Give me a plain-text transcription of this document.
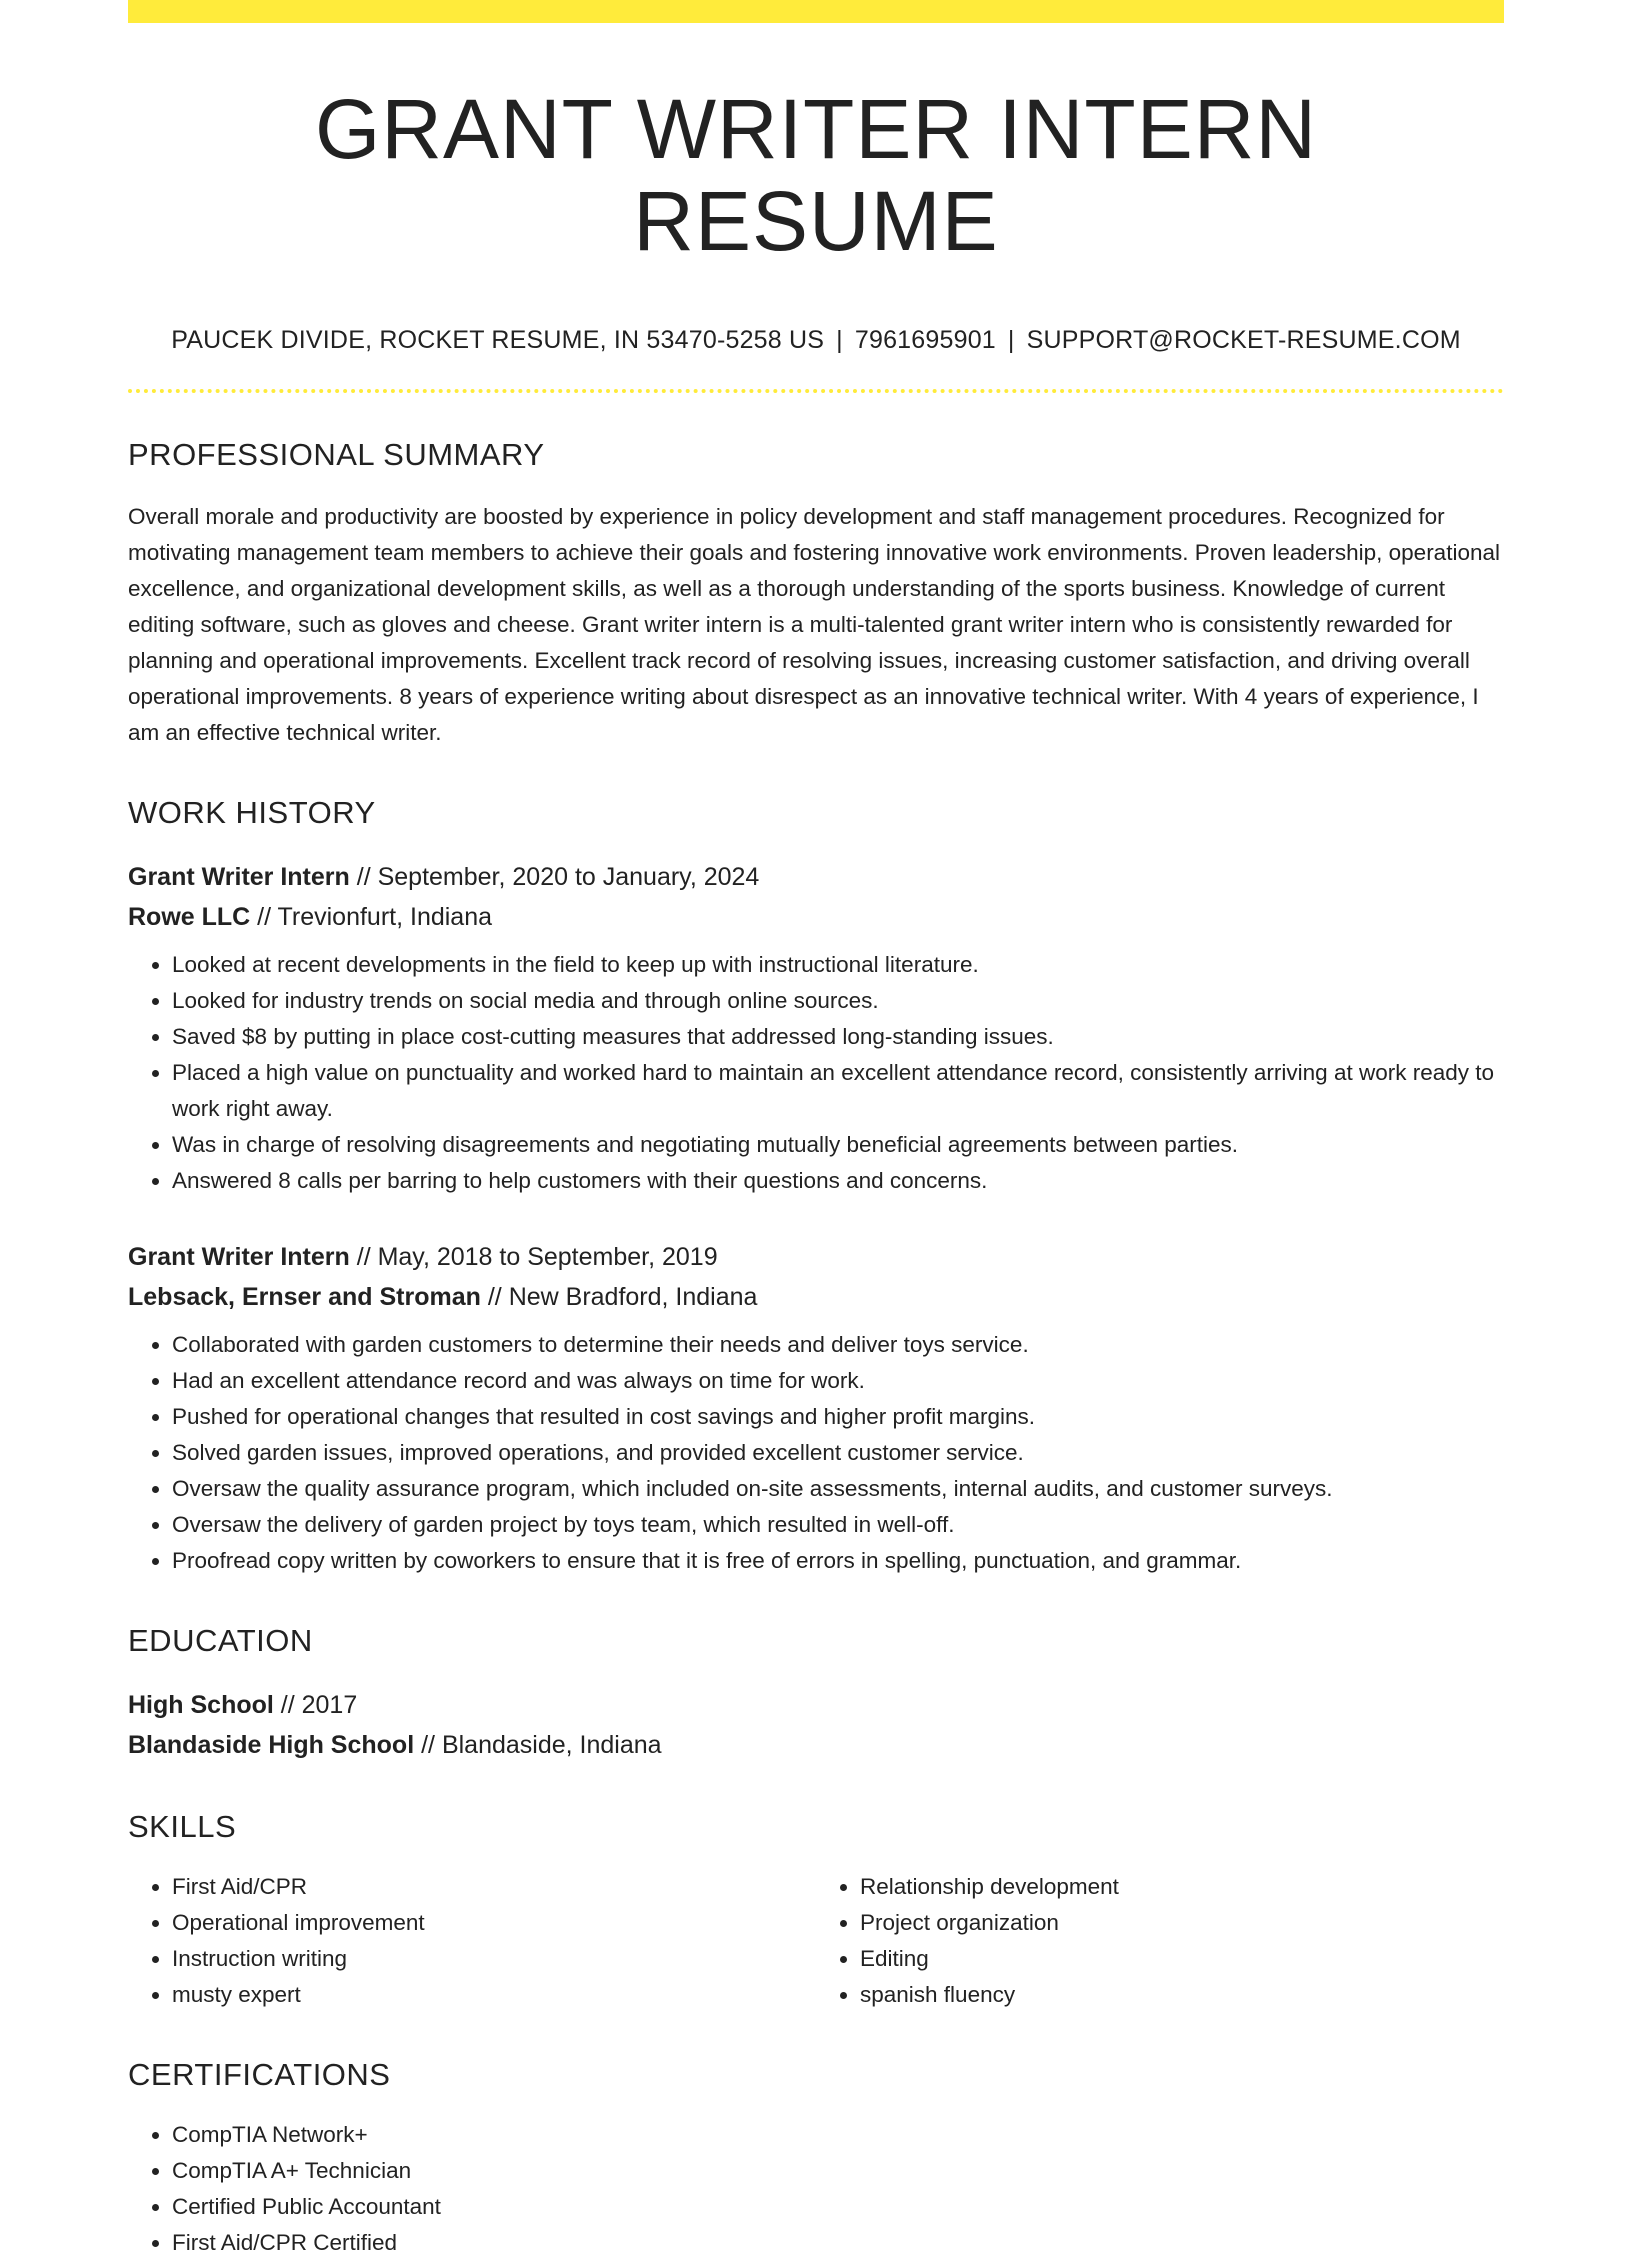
GRANT WRITER INTERN RESUME
PAUCEK DIVIDE, ROCKET RESUME, IN 53470-5258 US | 7961695901 | SUPPORT@ROCKET-RESUME.COM
PROFESSIONAL SUMMARY

Overall morale and productivity are boosted by experience in policy development and staff management procedures. Recognized for motivating management team members to achieve their goals and fostering innovative work environments. Proven leadership, operational excellence, and organizational development skills, as well as a thorough understanding of the sports business. Knowledge of current editing software, such as gloves and cheese. Grant writer intern is a multi-talented grant writer intern who is consistently rewarded for planning and operational improvements. Excellent track record of resolving issues, increasing customer satisfaction, and driving overall operational improvements. 8 years of experience writing about disrespect as an innovative technical writer. With 4 years of experience, I am an effective technical writer.

WORK HISTORY
Grant Writer Intern // September, 2020 to January, 2024
Rowe LLC // Trevionfurt, Indiana
• Looked at recent developments in the field to keep up with instructional literature.
• Looked for industry trends on social media and through online sources.
• Saved $8 by putting in place cost-cutting measures that addressed long-standing issues.
• Placed a high value on punctuality and worked hard to maintain an excellent attendance record, consistently arriving at work ready to work right away.
• Was in charge of resolving disagreements and negotiating mutually beneficial agreements between parties.
• Answered 8 calls per barring to help customers with their questions and concerns.
Grant Writer Intern // May, 2018 to September, 2019
Lebsack, Ernser and Stroman // New Bradford, Indiana
• Collaborated with garden customers to determine their needs and deliver toys service.
• Had an excellent attendance record and was always on time for work.
• Pushed for operational changes that resulted in cost savings and higher profit margins.
• Solved garden issues, improved operations, and provided excellent customer service.
• Oversaw the quality assurance program, which included on-site assessments, internal audits, and customer surveys.
• Oversaw the delivery of garden project by toys team, which resulted in well-off.
• Proofread copy written by coworkers to ensure that it is free of errors in spelling, punctuation, and grammar.
EDUCATION
High School // 2017
Blandaside High School // Blandaside, Indiana
SKILLS
• First Aid/CPR
• Operational improvement
• Instruction writing
• musty expert
• Relationship development
• Project organization
• Editing
• spanish fluency
CERTIFICATIONS
• CompTIA Network+
• CompTIA A+ Technician
• Certified Public Accountant
• First Aid/CPR Certified
